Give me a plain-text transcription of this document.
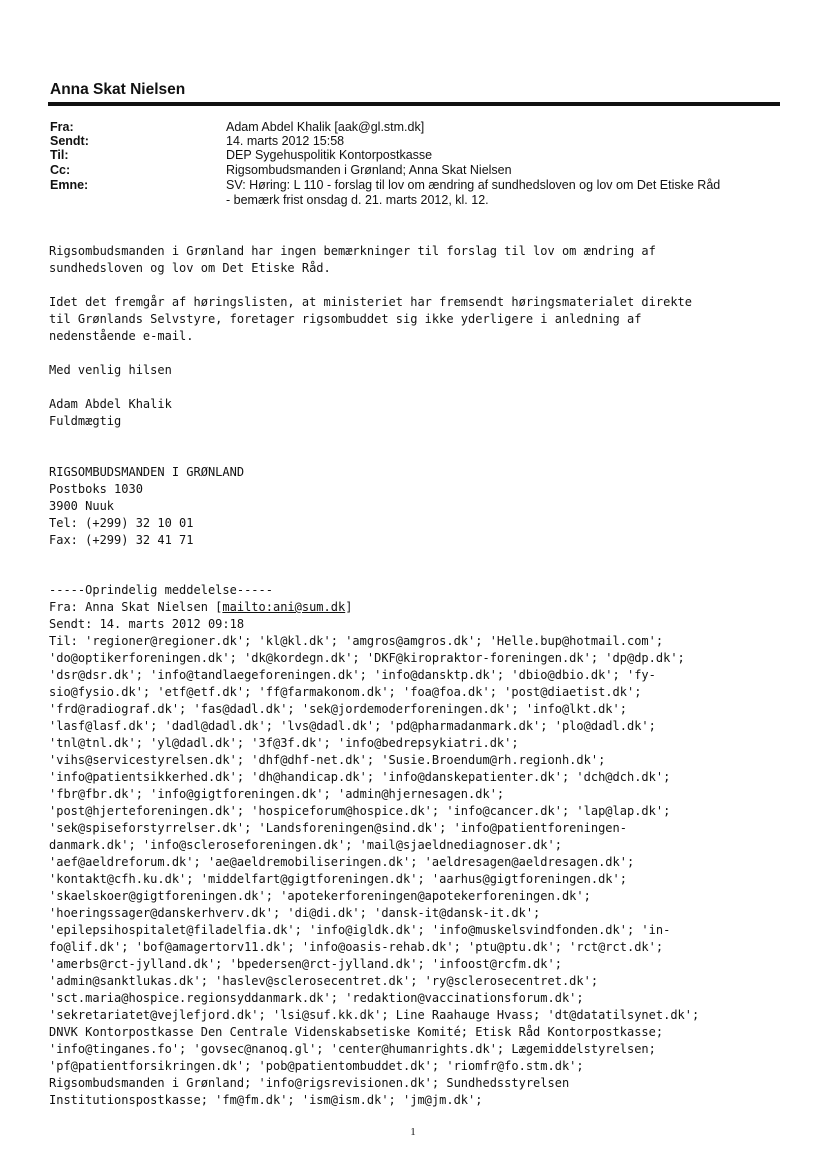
Anna Skat Nielsen
Fra:	Adam Abdel Khalik [aak@gl.stm.dk]
Sendt:	14. marts 2012 15:58
Til:	DEP Sygehuspolitik Kontorpostkasse
Cc:	Rigsombudsmanden i Grønland; Anna Skat Nielsen
Emne:	SV: Høring: L 110 - forslag til lov om ændring af sundhedsloven og lov om Det Etiske Råd
- bemærk frist onsdag d. 21. marts 2012, kl. 12.
Rigsombudsmanden i Grønland har ingen bemærkninger til forslag til lov om ændring af
sundhedsloven og lov om Det Etiske Råd.
Idet det fremgår af høringslisten, at ministeriet har fremsendt høringsmaterialet direkte
til Grønlands Selvstyre, foretager rigsombuddet sig ikke yderligere i anledning af
nedenstående e-mail.
Med venlig hilsen
Adam Abdel Khalik
Fuldmægtig
RIGSOMBUDSMANDEN I GRØNLAND
Postboks 1030
3900 Nuuk
Tel: (+299) 32 10 01
Fax: (+299) 32 41 71
-----Oprindelig meddelelse-----
Fra: Anna Skat Nielsen [mailto:ani@sum.dk]
Sendt: 14. marts 2012 09:18
Til: 'regioner@regioner.dk'; 'kl@kl.dk'; 'amgros@amgros.dk'; 'Helle.bup@hotmail.com';
'do@optikerforeningen.dk'; 'dk@kordegn.dk'; 'DKF@kiropraktor-foreningen.dk'; 'dp@dp.dk';
'dsr@dsr.dk'; 'info@tandlaegeforeningen.dk'; 'info@dansktp.dk'; 'dbio@dbio.dk'; 'fy-
sio@fysio.dk'; 'etf@etf.dk'; 'ff@farmakonom.dk'; 'foa@foa.dk'; 'post@diaetist.dk';
'frd@radiograf.dk'; 'fas@dadl.dk'; 'sek@jordemoderforeningen.dk'; 'info@lkt.dk';
'lasf@lasf.dk'; 'dadl@dadl.dk'; 'lvs@dadl.dk'; 'pd@pharmadanmark.dk'; 'plo@dadl.dk';
'tnl@tnl.dk'; 'yl@dadl.dk'; '3f@3f.dk'; 'info@bedrepsykiatri.dk';
'vihs@servicestyrelsen.dk'; 'dhf@dhf-net.dk'; 'Susie.Broendum@rh.regionh.dk';
'info@patientsikkerhed.dk'; 'dh@handicap.dk'; 'info@danskepatienter.dk'; 'dch@dch.dk';
'fbr@fbr.dk'; 'info@gigtforeningen.dk'; 'admin@hjernesagen.dk';
'post@hjerteforeningen.dk'; 'hospiceforum@hospice.dk'; 'info@cancer.dk'; 'lap@lap.dk';
'sek@spiseforstyrrelser.dk'; 'Landsforeningen@sind.dk'; 'info@patientforeningen-
danmark.dk'; 'info@scleroseforeningen.dk'; 'mail@sjaeldnediagnoser.dk';
'aef@aeldreforum.dk'; 'ae@aeldremobiliseringen.dk'; 'aeldresagen@aeldresagen.dk';
'kontakt@cfh.ku.dk'; 'middelfart@gigtforeningen.dk'; 'aarhus@gigtforeningen.dk';
'skaelskoer@gigtforeningen.dk'; 'apotekerforeningen@apotekerforeningen.dk';
'hoeringssager@danskerhverv.dk'; 'di@di.dk'; 'dansk-it@dansk-it.dk';
'epilepsihospitalet@filadelfia.dk'; 'info@igldk.dk'; 'info@muskelsvindfonden.dk'; 'in-
fo@lif.dk'; 'bof@amagertorv11.dk'; 'info@oasis-rehab.dk'; 'ptu@ptu.dk'; 'rct@rct.dk';
'amerbs@rct-jylland.dk'; 'bpedersen@rct-jylland.dk'; 'infoost@rcfm.dk';
'admin@sanktlukas.dk'; 'haslev@sclerosecentret.dk'; 'ry@sclerosecentret.dk';
'sct.maria@hospice.regionsyddanmark.dk'; 'redaktion@vaccinationsforum.dk';
'sekretariatet@vejlefjord.dk'; 'lsi@suf.kk.dk'; Line Raahauge Hvass; 'dt@datatilsynet.dk';
DNVK Kontorpostkasse Den Centrale Videnskabsetiske Komité; Etisk Råd Kontorpostkasse;
'info@tinganes.fo'; 'govsec@nanoq.gl'; 'center@humanrights.dk'; Lægemiddelstyrelsen;
'pf@patientforsikringen.dk'; 'pob@patientombuddet.dk'; 'riomfr@fo.stm.dk';
Rigsombudsmanden i Grønland; 'info@rigsrevisionen.dk'; Sundhedsstyrelsen
Institutionspostkasse; 'fm@fm.dk'; 'ism@ism.dk'; 'jm@jm.dk';
1
